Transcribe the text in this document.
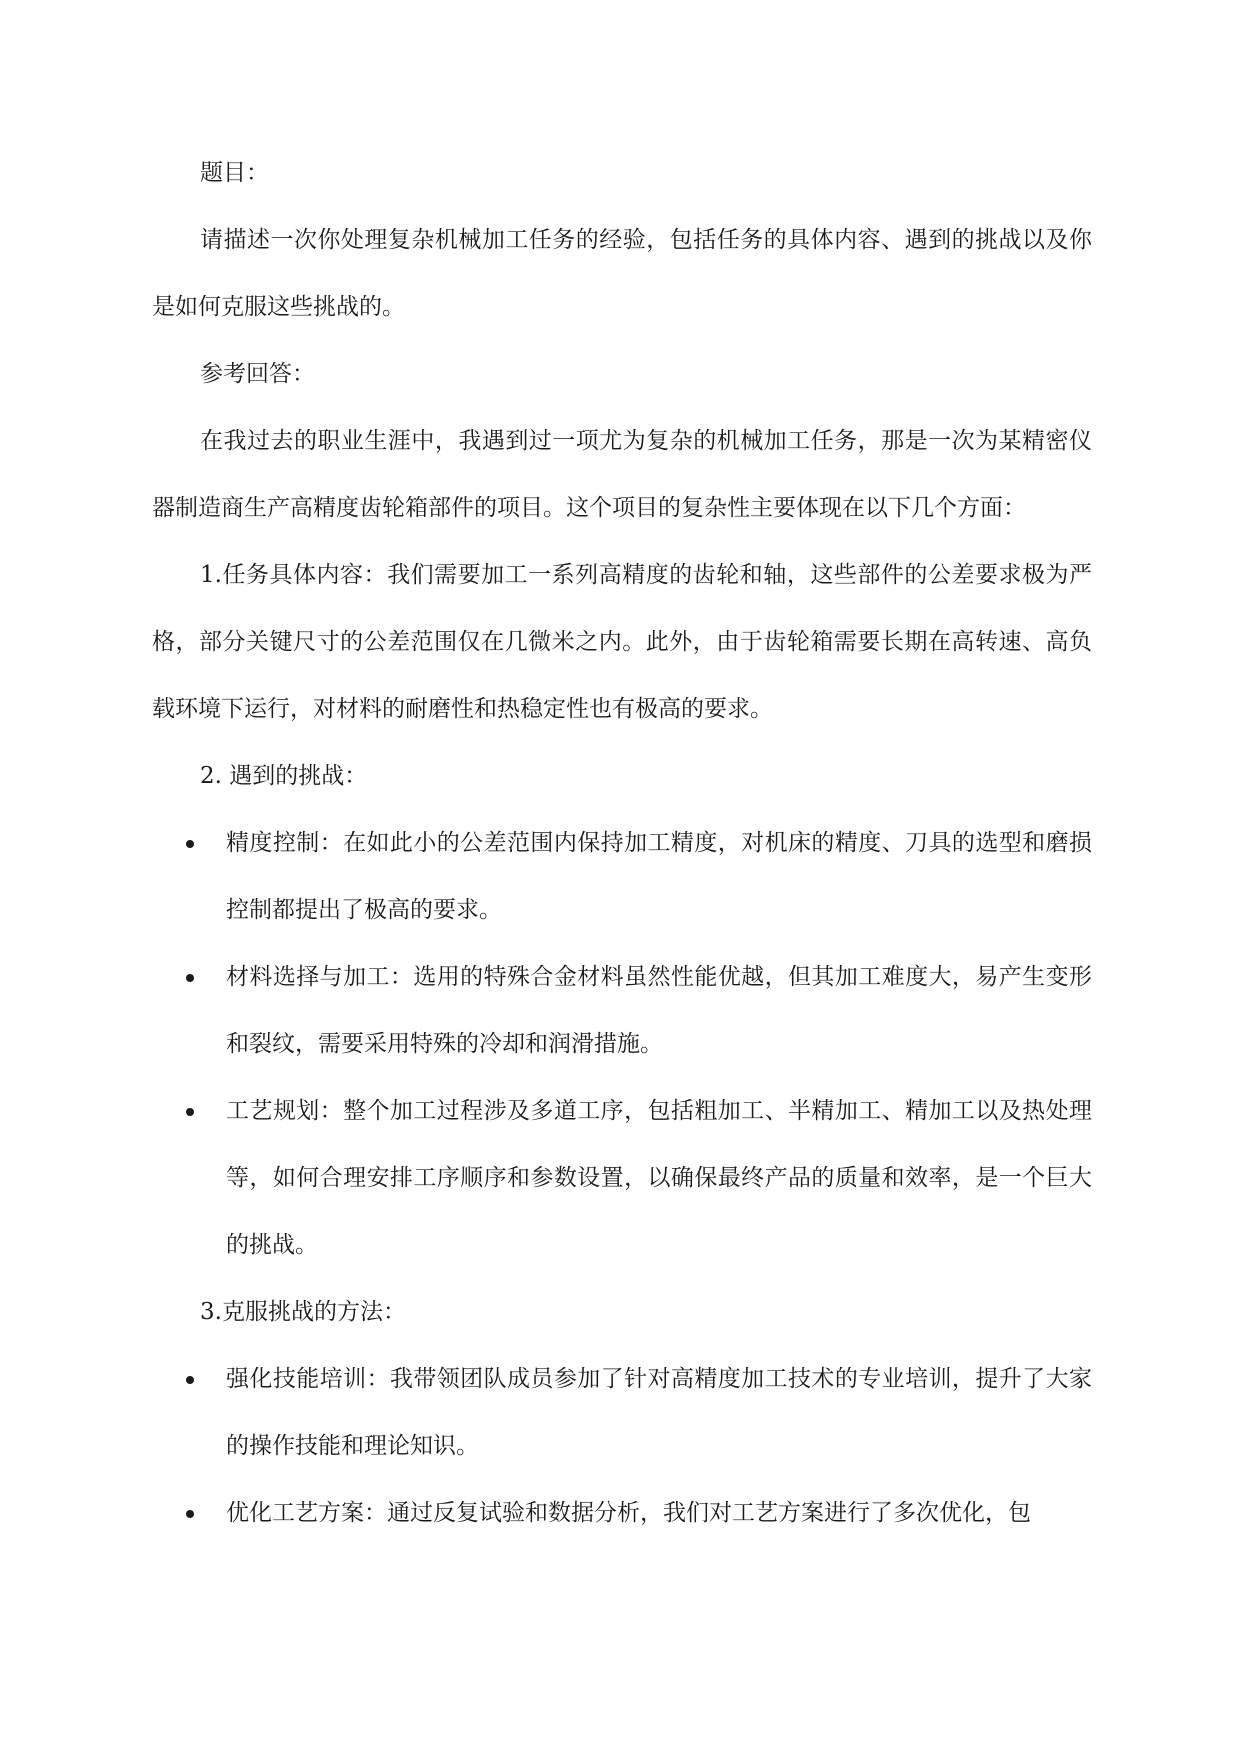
题目：

请描述一次你处理复杂机械加工任务的经验，包括任务的具体内容、遇到的挑战以及你是如何克服这些挑战的。

参考回答：

在我过去的职业生涯中，我遇到过一项尤为复杂的机械加工任务，那是一次为某精密仪器制造商生产高精度齿轮箱部件的项目。这个项目的复杂性主要体现在以下几个方面：

1.任务具体内容：我们需要加工一系列高精度的齿轮和轴，这些部件的公差要求极为严格，部分关键尺寸的公差范围仅在几微米之内。此外，由于齿轮箱需要长期在高转速、高负载环境下运行，对材料的耐磨性和热稳定性也有极高的要求。

2. 遇到的挑战：

精度控制：在如此小的公差范围内保持加工精度，对机床的精度、刀具的选型和磨损控制都提出了极高的要求。
材料选择与加工：选用的特殊合金材料虽然性能优越，但其加工难度大，易产生变形和裂纹，需要采用特殊的冷却和润滑措施。
工艺规划：整个加工过程涉及多道工序，包括粗加工、半精加工、精加工以及热处理等，如何合理安排工序顺序和参数设置，以确保最终产品的质量和效率，是一个巨大的挑战。

3.克服挑战的方法：

强化技能培训：我带领团队成员参加了针对高精度加工技术的专业培训，提升了大家的操作技能和理论知识。
优化工艺方案：通过反复试验和数据分析，我们对工艺方案进行了多次优化，包
